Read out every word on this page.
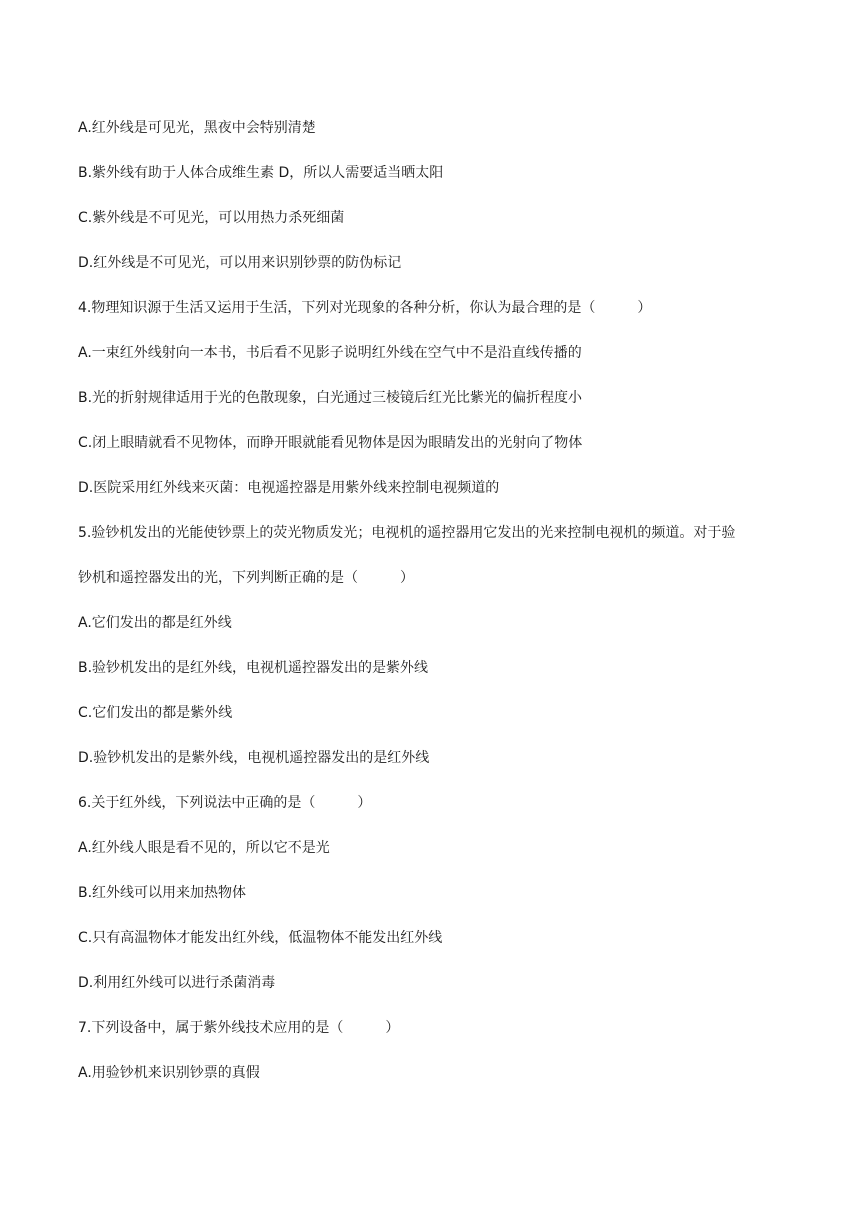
A.红外线是可见光，黑夜中会特别清楚
B.紫外线有助于人体合成维生素 D，所以人需要适当晒太阳
C.紫外线是不可见光，可以用热力杀死细菌
D.红外线是不可见光，可以用来识别钞票的防伪标记
4.物理知识源于生活又运用于生活，下列对光现象的各种分析，你认为最合理的是（　　　）
A.一束红外线射向一本书，书后看不见影子说明红外线在空气中不是沿直线传播的
B.光的折射规律适用于光的色散现象，白光通过三棱镜后红光比紫光的偏折程度小
C.闭上眼睛就看不见物体，而睁开眼就能看见物体是因为眼睛发出的光射向了物体
D.医院采用红外线来灭菌：电视遥控器是用紫外线来控制电视频道的
5.验钞机发出的光能使钞票上的荧光物质发光；电视机的遥控器用它发出的光来控制电视机的频道。对于验
钞机和遥控器发出的光，下列判断正确的是（　　　）
A.它们发出的都是红外线
B.验钞机发出的是红外线，电视机遥控器发出的是紫外线
C.它们发出的都是紫外线
D.验钞机发出的是紫外线，电视机遥控器发出的是红外线
6.关于红外线，下列说法中正确的是（　　　）
A.红外线人眼是看不见的，所以它不是光
B.红外线可以用来加热物体
C.只有高温物体才能发出红外线，低温物体不能发出红外线
D.利用红外线可以进行杀菌消毒
7.下列设备中，属于紫外线技术应用的是（　　　）
A.用验钞机来识别钞票的真假
